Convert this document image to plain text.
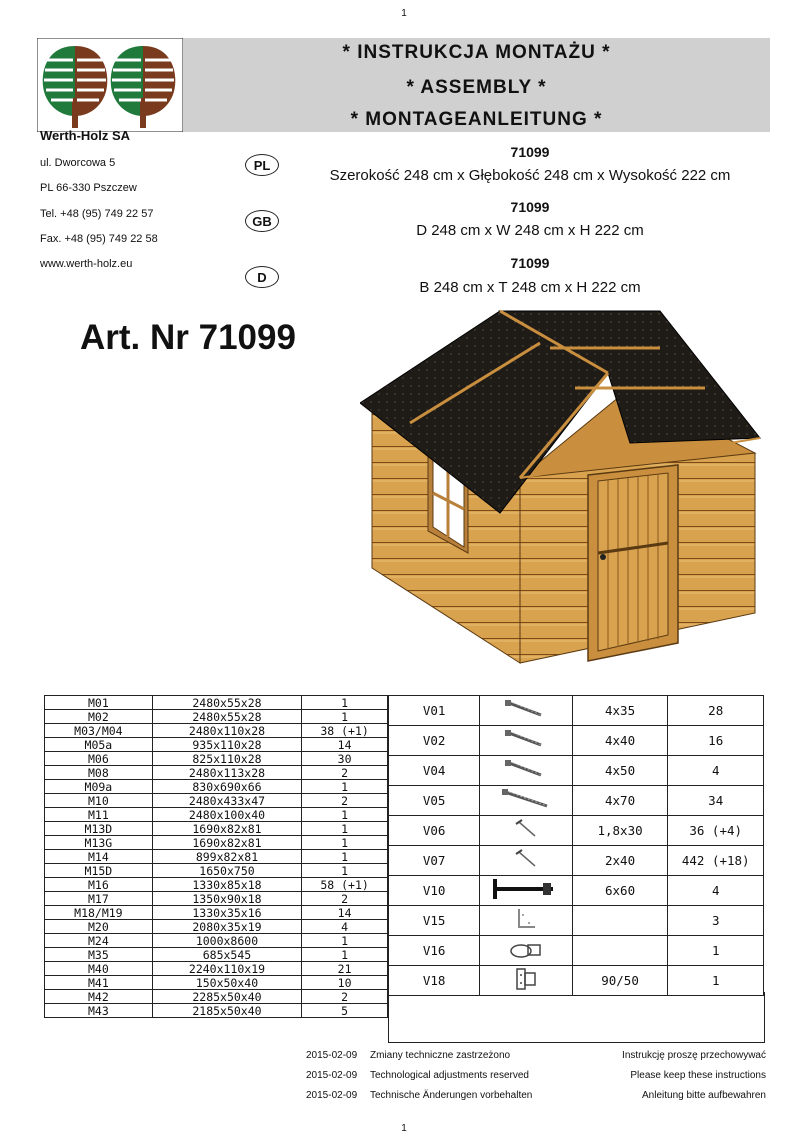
1
* INSTRUKCJA MONTAŻU *
* ASSEMBLY *
* MONTAGEANLEITUNG *
Werth-Holz SA
ul. Dworcowa 5
PL 66-330 Pszczew
Tel. +48 (95) 749 22 57
Fax. +48 (95) 749 22 58
www.werth-holz.eu
PL
71099
Szerokość 248 cm x Głębokość 248 cm x Wysokość 222 cm
GB
71099
D 248 cm x W 248 cm x H 222 cm
D
71099
B 248 cm x T 248 cm x H 222 cm
Art. Nr 71099
M01	2480x55x28	1
M02	2480x55x28	1
M03/M04	2480x110x28	38 (+1)
M05a	935x110x28	14
M06	825x110x28	30
M08	2480x113x28	2
M09a	830x690x66	1
M10	2480x433x47	2
M11	2480x100x40	1
M13D	1690x82x81	1
M13G	1690x82x81	1
M14	899x82x81	1
M15D	1650x750	1
M16	1330x85x18	58 (+1)
M17	1350x90x18	2
M18/M19	1330x35x16	14
M20	2080x35x19	4
M24	1000x8600	1
M35	685x545	1
M40	2240x110x19	21
M41	150x50x40	10
M42	2285x50x40	2
M43	2185x50x40	5
V01		4x35	28
V02		4x40	16
V04		4x50	4
V05		4x70	34
V06		1,8x30	36 (+4)
V07		2x40	442 (+18)
V10		6x60	4
V15			3
V16			1
V18		90/50	1
2015-02-09 Zmiany techniczne zastrzeżono	Instrukcję proszę przechowywać
2015-02-09 Technological adjustments reserved	Please keep these instructions
2015-02-09 Technische Änderungen vorbehalten	Anleitung bitte aufbewahren
1
